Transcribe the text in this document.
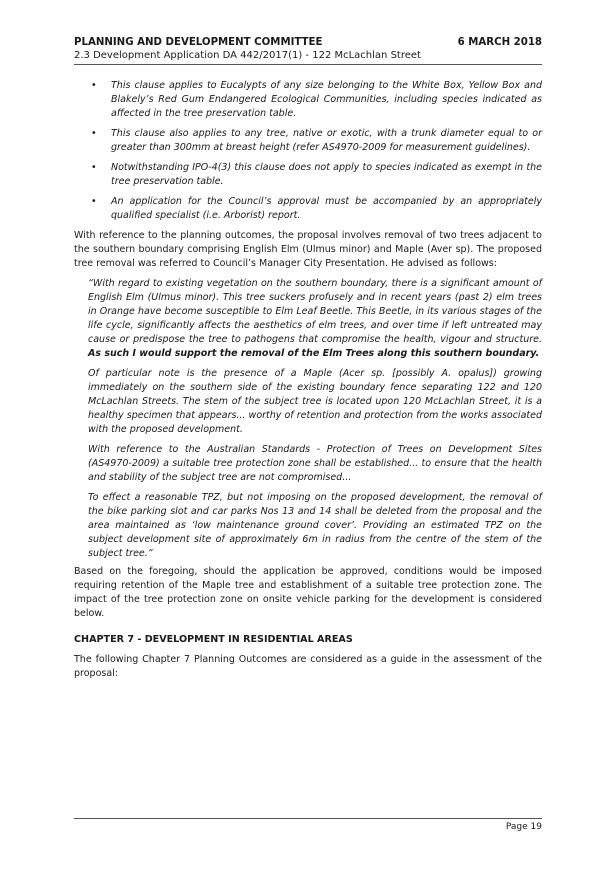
PLANNING AND DEVELOPMENT COMMITTEE	6 MARCH 2018
2.3 Development Application DA 442/2017(1) - 122 McLachlan Street
• This clause applies to Eucalypts of any size belonging to the White Box, Yellow Box and Blakely’s Red Gum Endangered Ecological Communities, including species indicated as affected in the tree preservation table.
• This clause also applies to any tree, native or exotic, with a trunk diameter equal to or greater than 300mm at breast height (refer AS4970-2009 for measurement guidelines).
• Notwithstanding IPO-4(3) this clause does not apply to species indicated as exempt in the tree preservation table.
• An application for the Council’s approval must be accompanied by an appropriately qualified specialist (i.e. Arborist) report.

With reference to the planning outcomes, the proposal involves removal of two trees adjacent to the southern boundary comprising English Elm (Ulmus minor) and Maple (Aver sp). The proposed tree removal was referred to Council’s Manager City Presentation. He advised as follows:

“With regard to existing vegetation on the southern boundary, there is a significant amount of English Elm (Ulmus minor). This tree suckers profusely and in recent years (past 2) elm trees in Orange have become susceptible to Elm Leaf Beetle. This Beetle, in its various stages of the life cycle, significantly affects the aesthetics of elm trees, and over time if left untreated may cause or predispose the tree to pathogens that compromise the health, vigour and structure. As such I would support the removal of the Elm Trees along this southern boundary.

Of particular note is the presence of a Maple (Acer sp. [possibly A. opalus]) growing immediately on the southern side of the existing boundary fence separating 122 and 120 McLachlan Streets. The stem of the subject tree is located upon 120 McLachlan Street, it is a healthy specimen that appears... worthy of retention and protection from the works associated with the proposed development.

With reference to the Australian Standards - Protection of Trees on Development Sites (AS4970-2009) a suitable tree protection zone shall be established... to ensure that the health and stability of the subject tree are not compromised...

To effect a reasonable TPZ, but not imposing on the proposed development, the removal of the bike parking slot and car parks Nos 13 and 14 shall be deleted from the proposal and the area maintained as ‘low maintenance ground cover’. Providing an estimated TPZ on the subject development site of approximately 6m in radius from the centre of the stem of the subject tree.”

Based on the foregoing, should the application be approved, conditions would be imposed requiring retention of the Maple tree and establishment of a suitable tree protection zone. The impact of the tree protection zone on onsite vehicle parking for the development is considered below.

CHAPTER 7 - DEVELOPMENT IN RESIDENTIAL AREAS

The following Chapter 7 Planning Outcomes are considered as a guide in the assessment of the proposal:

Page 19
